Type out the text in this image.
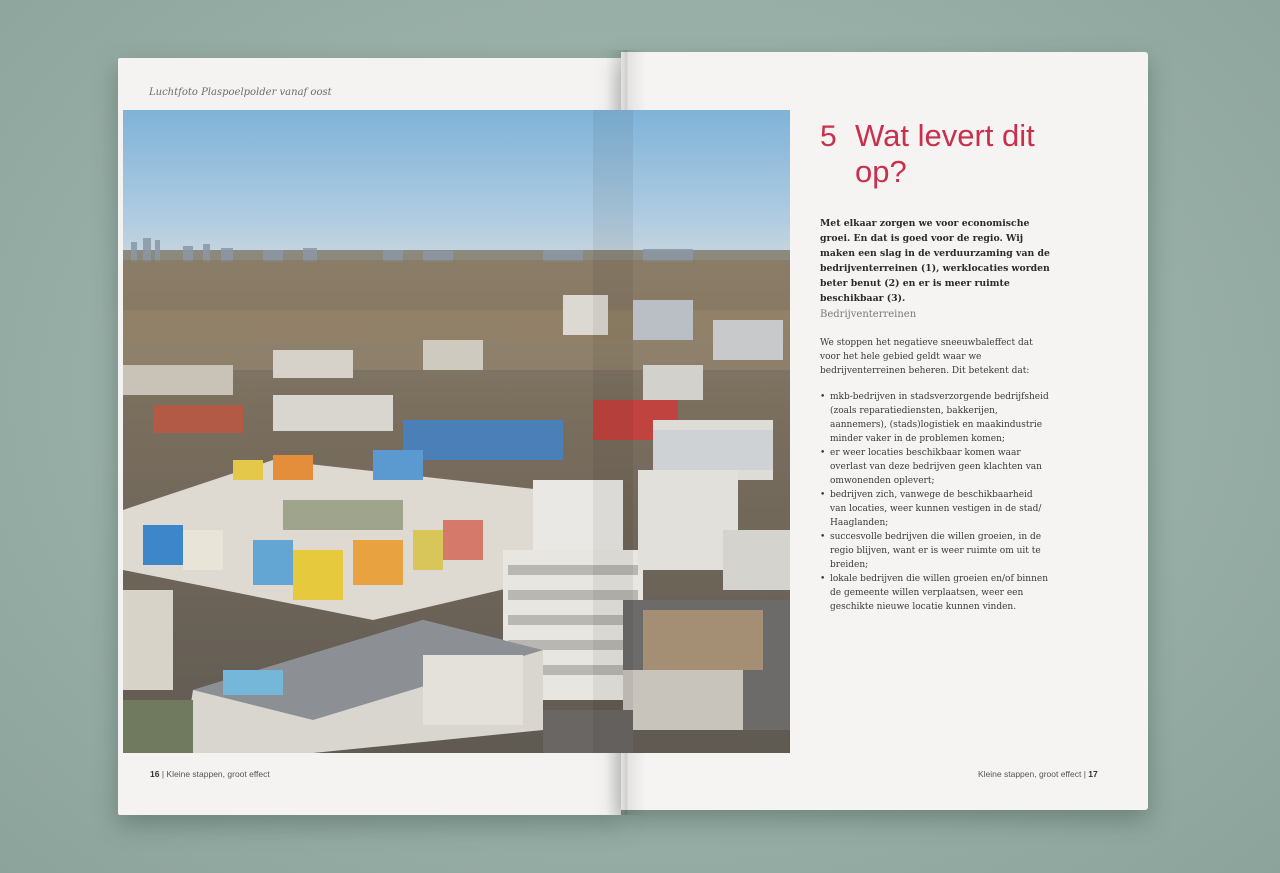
Luchtfoto Plaspoelpolder vanaf oost
16 | Kleine stappen, groot effect
5 Wat levert dit op?
Met elkaar zorgen we voor economische groei. En dat is goed voor de regio. Wij maken een slag in de verduurzaming van de bedrijventerreinen (1), werklocaties worden beter benut (2) en er is meer ruimte beschikbaar (3).
Bedrijventerreinen
We stoppen het negatieve sneeuwbaleffect dat voor het hele gebied geldt waar we bedrijventerreinen beheren. Dit betekent dat:
• mkb-bedrijven in stadsverzorgende bedrijfsheid (zoals reparatiediensten, bakkerijen, aannemers), (stads)logistiek en maakindustrie minder vaker in de problemen komen;
• er weer locaties beschikbaar komen waar overlast van deze bedrijven geen klachten van omwonenden oplevert;
• bedrijven zich, vanwege de beschikbaarheid van locaties, weer kunnen vestigen in de stad/ Haaglanden;
• succesvolle bedrijven die willen groeien, in de regio blijven, want er is weer ruimte om uit te breiden;
• lokale bedrijven die willen groeien en/of binnen de gemeente willen verplaatsen, weer een geschikte nieuwe locatie kunnen vinden.
Kleine stappen, groot effect | 17
